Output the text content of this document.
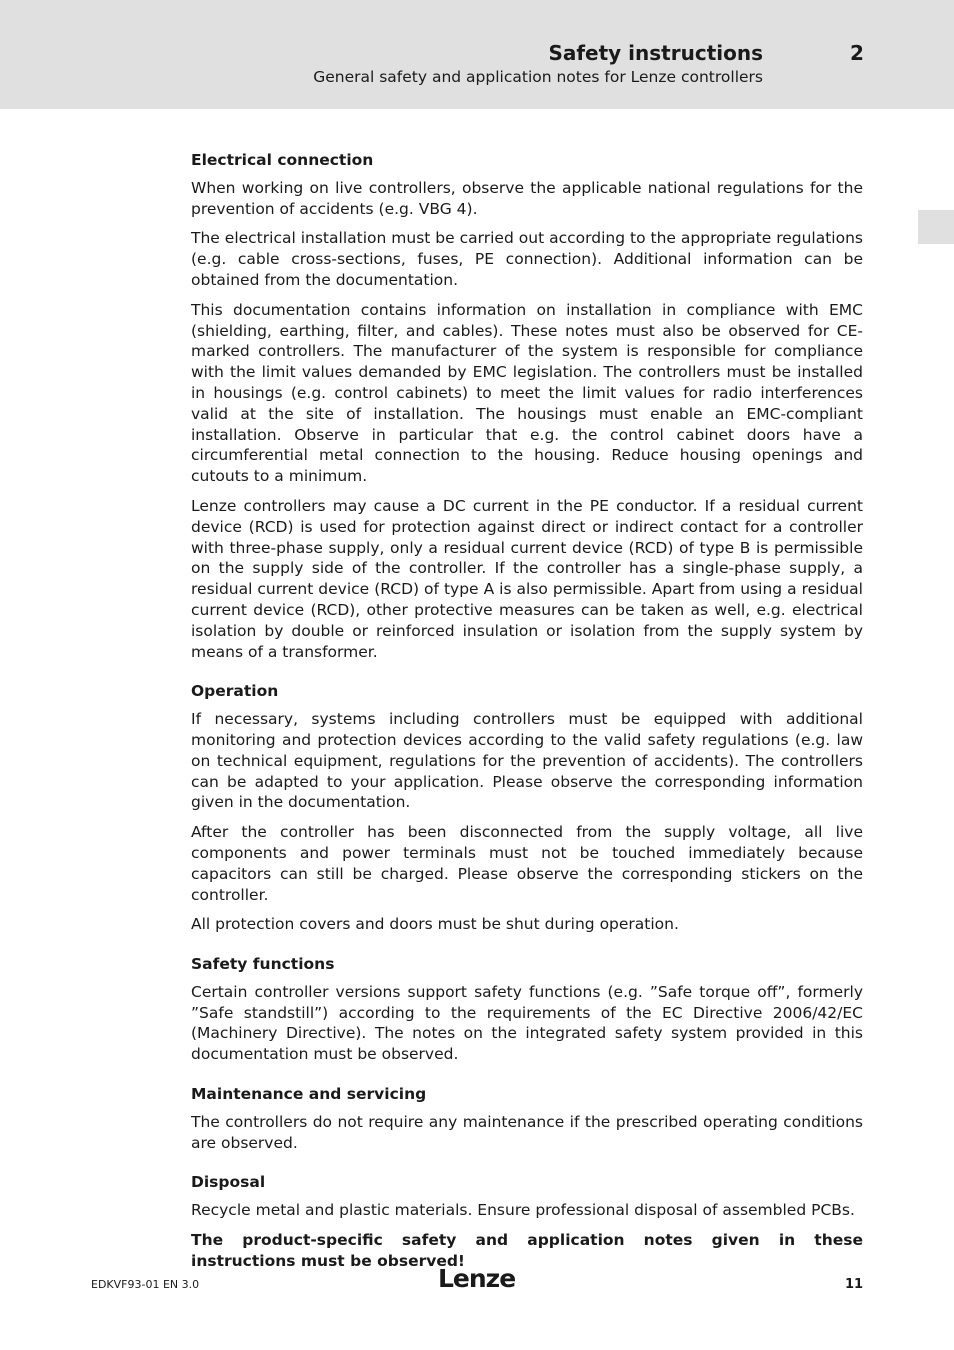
Safety instructions	2
General safety and application notes for Lenze controllers
Electrical connection

When working on live controllers, observe the applicable national regulations for the prevention of accidents (e.g. VBG 4).

The electrical installation must be carried out according to the appropriate regulations (e.g. cable cross-sections, fuses, PE connection). Additional information can be obtained from the documentation.

This documentation contains information on installation in compliance with EMC (shielding, earthing, filter, and cables). These notes must also be observed for CE-marked controllers. The manufacturer of the system is responsible for compliance with the limit values demanded by EMC legislation. The controllers must be installed in housings (e.g. control cabinets) to meet the limit values for radio interferences valid at the site of installation. The housings must enable an EMC-compliant installation. Observe in particular that e.g. the control cabinet doors have a circumferential metal connection to the housing. Reduce housing openings and cutouts to a minimum.

Lenze controllers may cause a DC current in the PE conductor. If a residual current device (RCD) is used for protection against direct or indirect contact for a controller with three-phase supply, only a residual current device (RCD) of type B is permissible on the supply side of the controller. If the controller has a single-phase supply, a residual current device (RCD) of type A is also permissible. Apart from using a residual current device (RCD), other protective measures can be taken as well, e.g. electrical isolation by double or reinforced insulation or isolation from the supply system by means of a transformer.

Operation

If necessary, systems including controllers must be equipped with additional monitoring and protection devices according to the valid safety regulations (e.g. law on technical equipment, regulations for the prevention of accidents). The controllers can be adapted to your application. Please observe the corresponding information given in the documentation.

After the controller has been disconnected from the supply voltage, all live components and power terminals must not be touched immediately because capacitors can still be charged. Please observe the corresponding stickers on the controller.

All protection covers and doors must be shut during operation.

Safety functions

Certain controller versions support safety functions (e.g. ”Safe torque off”, formerly ”Safe standstill”) according to the requirements of the EC Directive 2006/42/EC (Machinery Directive). The notes on the integrated safety system provided in this documentation must be observed.

Maintenance and servicing

The controllers do not require any maintenance if the prescribed operating conditions are observed.

Disposal

Recycle metal and plastic materials. Ensure professional disposal of assembled PCBs.

The product-specific safety and application notes given in these instructions must be observed!

EDKVF93-01 EN 3.0	Lenze	11
